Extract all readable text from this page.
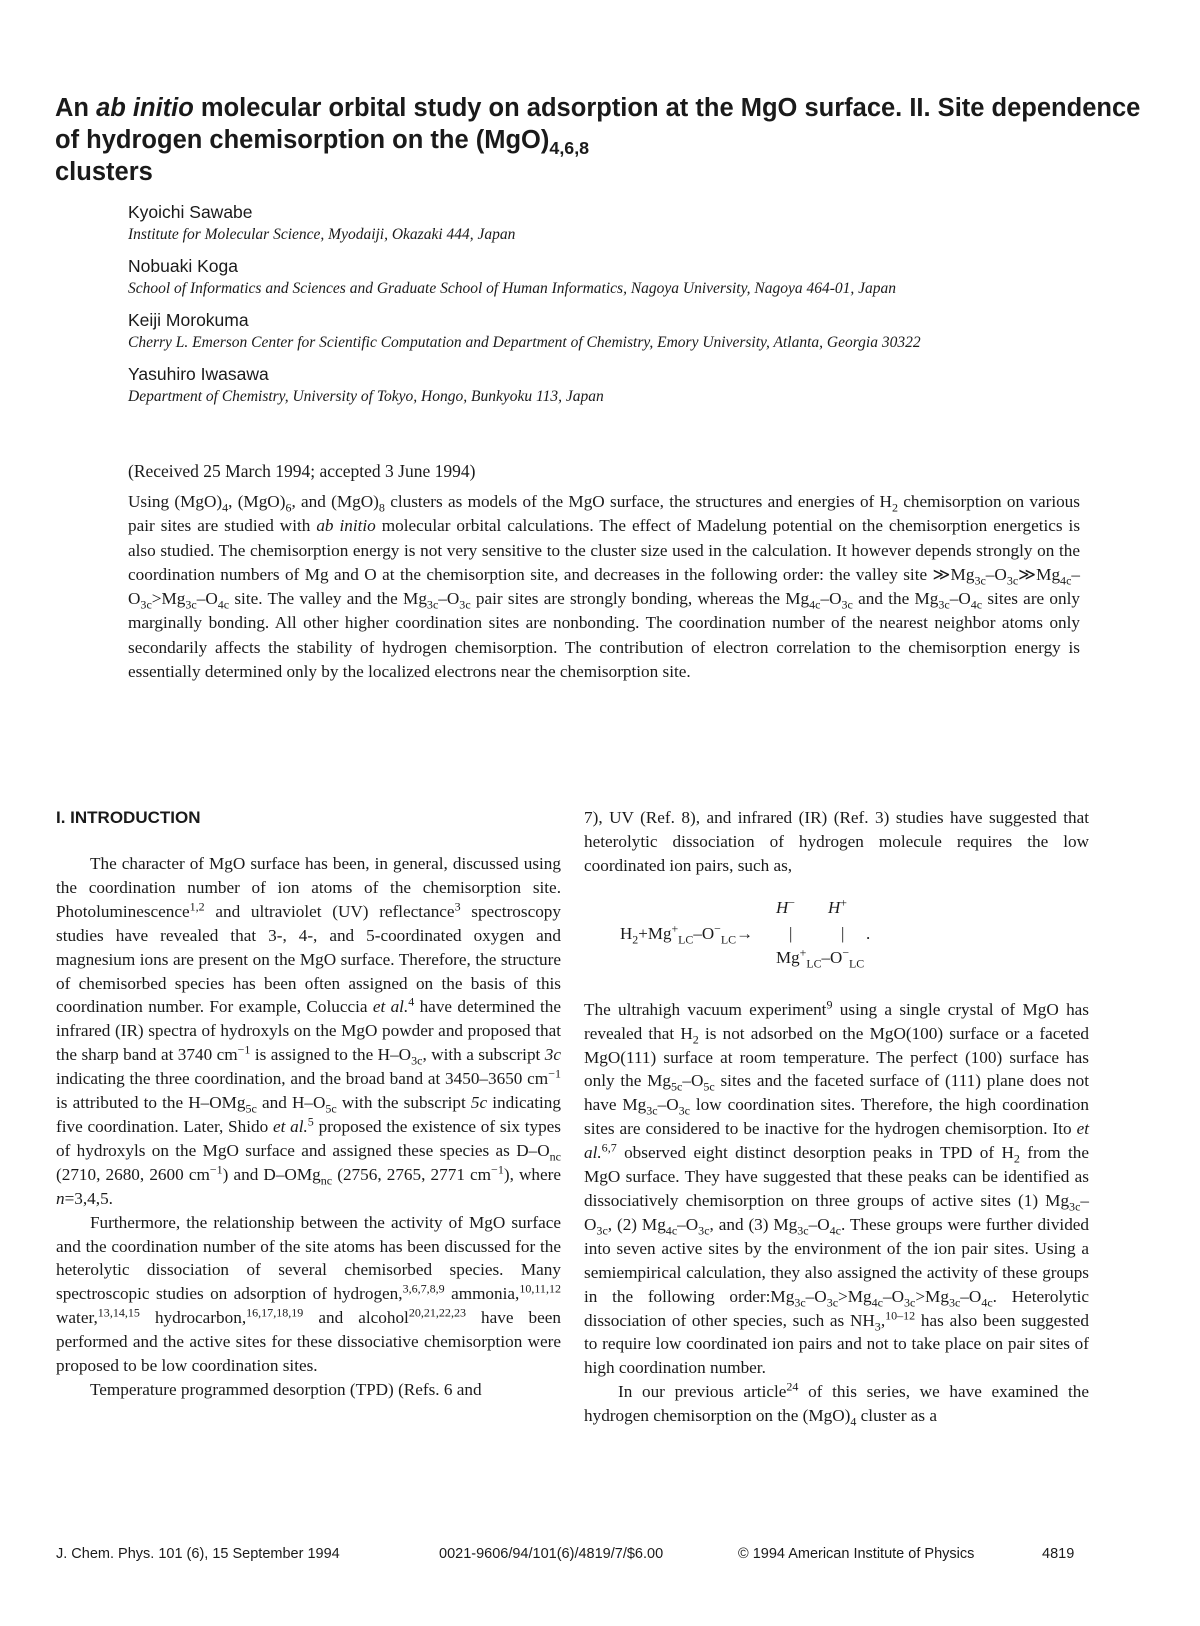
An ab initio molecular orbital study on adsorption at the MgO surface. II. Site dependence of hydrogen chemisorption on the $(MgO)_{4,6,8}$
clusters
Kyoichi Sawabe
Institute for Molecular Science, Myodaiji, Okazaki 444, Japan
Nobuaki Koga
School of Informatics and Sciences and Graduate School of Human Informatics, Nagoya University, Nagoya 464-01, Japan
Keiji Morokuma
Cherry L. Emerson Center for Scientific Computation and Department of Chemistry, Emory University, Atlanta, Georgia 30322
Yasuhiro Iwasawa
Department of Chemistry, University of Tokyo, Hongo, Bunkyoku 113, Japan
(Received 25 March 1994; accepted 3 June 1994)

Using $(MgO)_4$, $(MgO)_6$, and $(MgO)_8$ clusters as models of the MgO surface, the structures and energies of $H_2$ chemisorption on various pair sites are studied with ab initio molecular orbital calculations. The effect of Madelung potential on the chemisorption energetics is also studied. The chemisorption energy is not very sensitive to the cluster size used in the calculation. It however depends strongly on the coordination numbers of Mg and O at the chemisorption site, and decreases in the following order: the valley site $≫Mg_{3c}-O_{3c}≫Mg_{4c}-O_{3c}>Mg_{3c}-O_{4c}$ site. The valley and the $Mg_{3c}-O_{3c}$ pair sites are strongly bonding, whereas the $Mg_{4c}-O_{3c}$ and the $Mg_{3c}-O_{4c}$ sites are only marginally bonding. All other higher coordination sites are nonbonding. The coordination number of the nearest neighbor atoms only secondarily affects the stability of hydrogen chemisorption. The contribution of electron correlation to the chemisorption energy is essentially determined only by the localized electrons near the chemisorption site.

I. INTRODUCTION

The character of MgO surface has been, in general, discussed using the coordination number of ion atoms of the chemisorption site. Photoluminescence$^{1,2}$ and ultraviolet (UV) reflectance$^3$ spectroscopy studies have revealed that 3-, 4-, and 5-coordinated oxygen and magnesium ions are present on the MgO surface. Therefore, the structure of chemisorbed species has been often assigned on the basis of this coordination number. For example, Coluccia et al.$^4$ have determined the infrared (IR) spectra of hydroxyls on the MgO powder and proposed that the sharp band at 3740 $cm^{-1}$ is assigned to the $H-O_{3c}$, with a subscript 3c indicating the three coordination, and the broad band at 3450–3650 $cm^{-1}$ is attributed to the H–OMg$_{5c}$ and $H-O_{5c}$ with the subscript 5c indicating five coordination. Later, Shido et al.$^5$ proposed the existence of six types of hydroxyls on the MgO surface and assigned these species as $D-O_{nc}$ (2710, 2680, 2600 $cm^{-1}$) and D–OMg$_{nc}$ (2756, 2765, 2771 $cm^{-1}$), where n=3,4,5.

Furthermore, the relationship between the activity of MgO surface and the coordination number of the site atoms has been discussed for the heterolytic dissociation of several chemisorbed species. Many spectroscopic studies on adsorption of hydrogen,$^{3,6,7,8,9}$ ammonia,$^{10,11,12}$ water,$^{13,14,15}$ hydrocarbon,$^{16,17,18,19}$ and alcohol$^{20,21,22,23}$ have been performed and the active sites for these dissociative chemisorption were proposed to be low coordination sites.

Temperature programmed desorption (TPD) (Refs. 6 and

7), UV (Ref. 8), and infrared (IR) (Ref. 3) studies have suggested that heterolytic dissociation of hydrogen molecule requires the low coordinated ion pairs, such as,

H− H+
$H_2+Mg^+_{LC}-O^-_{LC}\to$ |	| .
$Mg^+_{LC}-O^-_{LC}$

The ultrahigh vacuum experiment$^9$ using a single crystal of MgO has revealed that $H_2$ is not adsorbed on the MgO(100) surface or a faceted MgO(111) surface at room temperature. The perfect (100) surface has only the $Mg_{5c}-O_{5c}$ sites and the faceted surface of (111) plane does not have $Mg_{3c}-O_{3c}$ low coordination sites. Therefore, the high coordination sites are considered to be inactive for the hydrogen chemisorption. Ito et al.$^{6,7}$ observed eight distinct desorption peaks in TPD of $H_2$ from the MgO surface. They have suggested that these peaks can be identified as dissociatively chemisorption on three groups of active sites (1) $Mg_{3c}-O_{3c}$, (2) $Mg_{4c}-O_{3c}$, and (3) $Mg_{3c}-O_{4c}$. These groups were further divided into seven active sites by the environment of the ion pair sites. Using a semiempirical calculation, they also assigned the activity of these groups in the following $order:Mg_{3c}-O_{3c}>Mg_{4c}-O_{3c}>Mg_{3c}-O_{4c}$. Heterolytic dissociation of other species, such as $NH_3,^{10-12}$ has also been suggested to require low coordinated ion pairs and not to take place on pair sites of high coordination number.

In our previous article$^{24}$ of this series, we have examined the hydrogen chemisorption on the $(MgO)_4$ cluster as a

J. Chem. Phys. 101 (6), 15 September 1994	0021-9606/94/101(6)/4819/7/$6.00	© 1994 American Institute of Physics	4819
